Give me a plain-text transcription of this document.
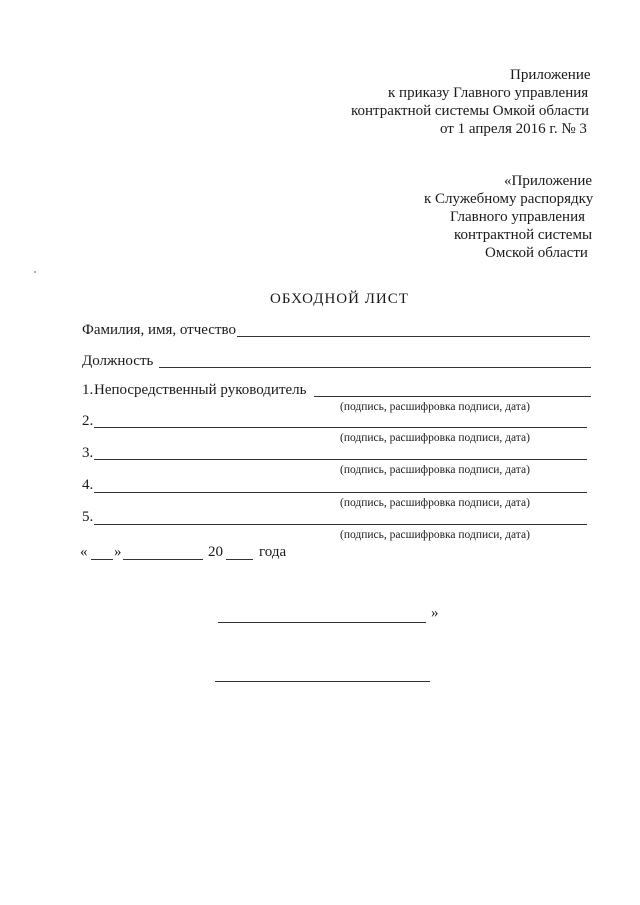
Приложение
к приказу Главного управления
контрактной системы Омкой области
от 1 апреля 2016 г. № 3
«Приложение
к Служебному распорядку
Главного управления
контрактной системы
Омской области
ОБХОДНОЙ ЛИСТ
Фамилия, имя, отчество
Должность
1. Непосредственный руководитель
(подпись, расшифровка подписи, дата)
2.
(подпись, расшифровка подписи, дата)
3.
(подпись, расшифровка подписи, дата)
4.
(подпись, расшифровка подписи, дата)
5.
(подпись, расшифровка подписи, дата)
« »	20 года
»
